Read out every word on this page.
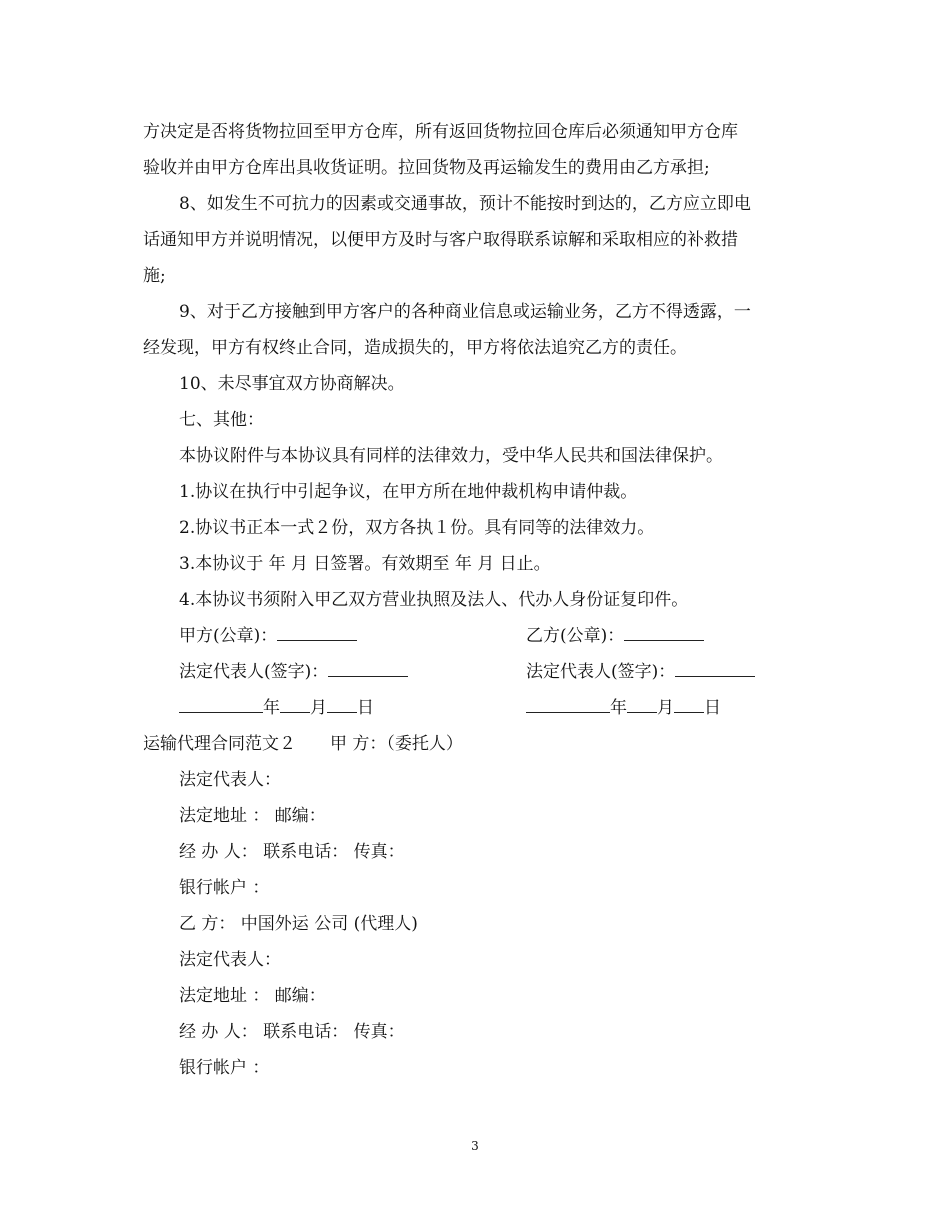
方决定是否将货物拉回至甲方仓库，所有返回货物拉回仓库后必须通知甲方仓库
验收并由甲方仓库出具收货证明。拉回货物及再运输发生的费用由乙方承担;
8、如发生不可抗力的因素或交通事故，预计不能按时到达的，乙方应立即电
话通知甲方并说明情况，以便甲方及时与客户取得联系谅解和采取相应的补救措
施;
9、对于乙方接触到甲方客户的各种商业信息或运输业务，乙方不得透露，一
经发现，甲方有权终止合同，造成损失的，甲方将依法追究乙方的责任。
10、未尽事宜双方协商解决。
七、其他：
本协议附件与本协议具有同样的法律效力，受中华人民共和国法律保护。
1.协议在执行中引起争议，在甲方所在地仲裁机构申请仲裁。
2.协议书正本一式２份，双方各执１份。具有同等的法律效力。
3.本协议于 年 月 日签署。有效期至 年 月 日止。
4.本协议书须附入甲乙双方营业执照及法人、代办人身份证复印件。
甲方(公章)：	乙方(公章)：
法定代表人(签字)：	法定代表人(签字)：
年 月 日	年 月 日
运输代理合同范文２ 甲 方：（委托人）
法定代表人：
法定地址 ： 邮编：
经 办 人： 联系电话： 传真：
银行帐户 ：
乙 方： 中国外运 公司 (代理人)
法定代表人：
法定地址 ： 邮编：
经 办 人： 联系电话： 传真：
银行帐户 ：
3
